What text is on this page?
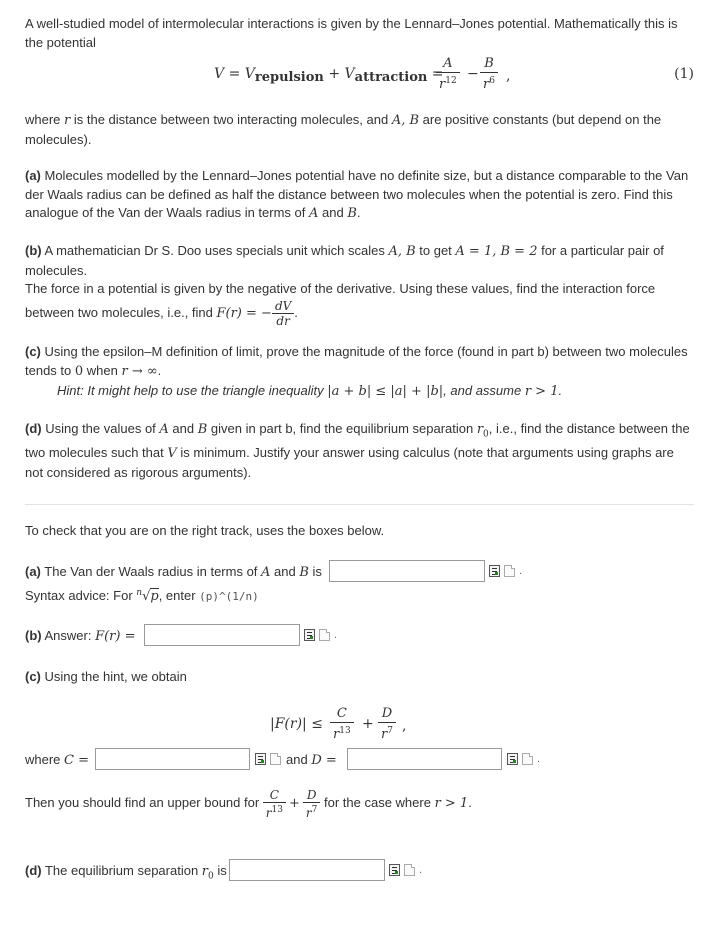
A well-studied model of intermolecular interactions is given by the Lennard–Jones potential. Mathematically this is the potential
V = Vrepulsion + Vattraction =
$\frac{A}{r^{12}} - \frac{B}{r^6}$ ,	(1)
where r is the distance between two interacting molecules, and A, B are positive constants (but depend on the molecules).
(a) Molecules modelled by the Lennard–Jones potential have no definite size, but a distance comparable to the Van der Waals radius can be defined as half the distance between two molecules when the potential is zero. Find this analogue of the Van der Waals radius in terms of A and B.
(b) A mathematician Dr S. Doo uses specials unit which scales A, B to get A = 1, B = 2 for a particular pair of molecules.
The force in a potential is given by the negative of the derivative. Using these values, find the interaction force between two molecules, i.e., find F(r) = − $\frac{dV}{dr}$ .
(c) Using the epsilon–M definition of limit, prove the magnitude of the force (found in part b) between two molecules tends to 0 when r → ∞.
Hint: It might help to use the triangle inequality |a + b| ≤ |a| + |b|, and assume r > 1.
(d) Using the values of A and B given in part b, find the equilibrium separation $r_0$, i.e., find the distance between the two molecules such that V is minimum. Justify your answer using calculus (note that arguments using graphs are not considered as rigorous arguments).
To check that you are on the right track, uses the boxes below.
(a) The Van der Waals radius in terms of A and B is	.
Syntax advice: For $^n$√p, enter (p)^(1/n)
(b) Answer: F(r) =	.
(c) Using the hint, we obtain
$|F(r)| \le \frac{C}{r^{13}} + \frac{D}{r^7}$ ,
where C =	and D =	.
Then you should find an upper bound for $\frac{C}{r^{13}} + \frac{D}{r^7}$ for the case where r > 1.
(d) The equilibrium separation $r_0$ is	.
